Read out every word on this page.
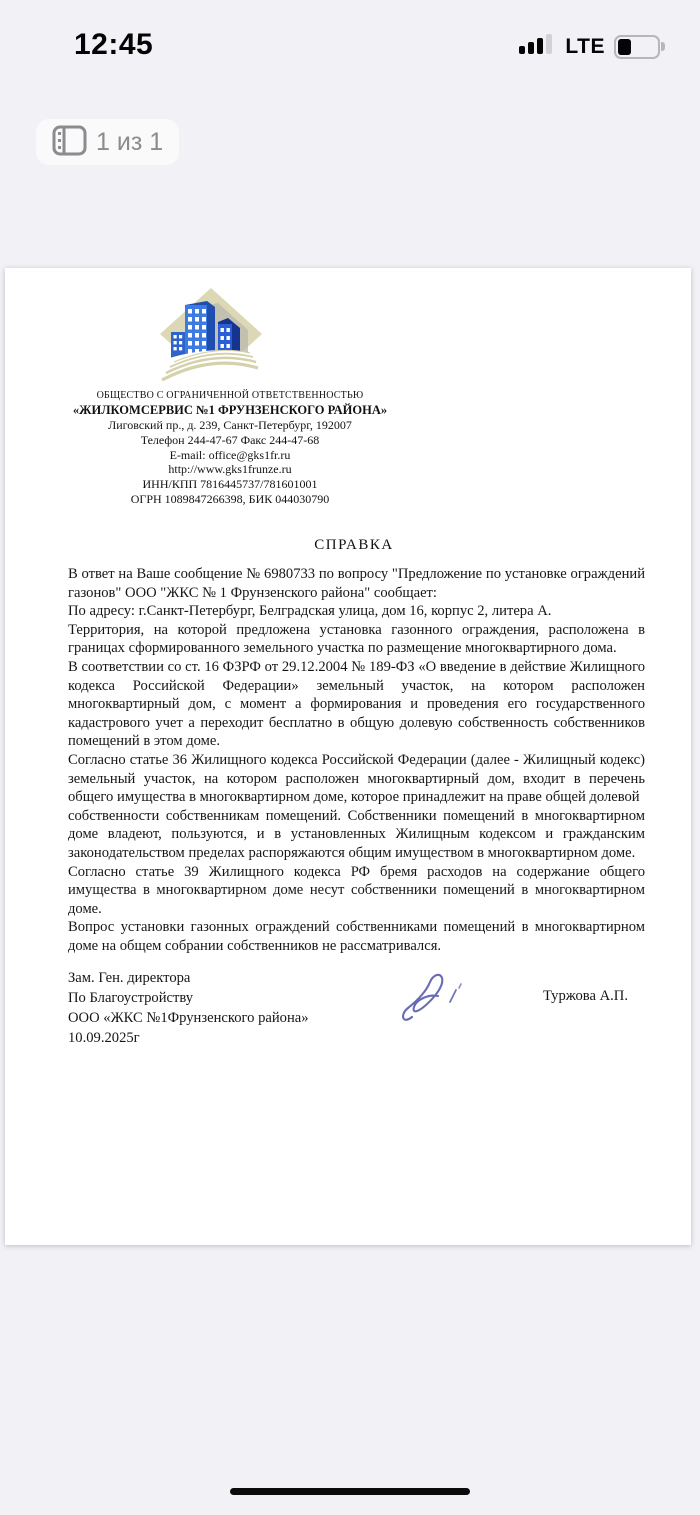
12:45	LTE
1 из 1
ОБЩЕСТВО С ОГРАНИЧЕННОЙ ОТВЕТСТВЕННОСТЬЮ
«ЖИЛКОМСЕРВИС №1 ФРУНЗЕНСКОГО РАЙОНА»
Лиговский пр., д. 239, Санкт-Петербург, 192007
Телефон 244-47-67 Факс 244-47-68
E-mail: office@gks1fr.ru
http://www.gks1frunze.ru
ИНН/КПП 7816445737/781601001
ОГРН 1089847266398, БИК 044030790
СПРАВКА

В ответ на Ваше сообщение № 6980733 по вопросу "Предложение по установке ограждений газонов" ООО "ЖКС № 1 Фрунзенского района" сообщает:

По адресу: г.Санкт-Петербург, Белградская улица, дом 16, корпус 2, литера А.

Территория, на которой предложена установка газонного ограждения, расположена в границах сформированного земельного участка по размещение многоквартирного дома.

В соответствии со ст. 16 ФЗРФ от 29.12.2004 № 189-ФЗ «О введение в действие Жилищного кодекса Российской Федерации» земельный участок, на котором расположен многоквартирный дом, с момент а формирования и проведения его государственного кадастрового учет а переходит бесплатно в общую долевую собственность собственников помещений в этом доме.

Согласно статье 36 Жилищного кодекса Российской Федерации (далее - Жилищный кодекс) земельный участок, на котором расположен многоквартирный дом, входит в перечень общего имущества в многоквартирном доме, которое принадлежит на праве общей долевой

собственности собственникам помещений. Собственники помещений в многоквартирном доме владеют, пользуются, и в установленных Жилищным кодексом и гражданским законодательством пределах распоряжаются общим имуществом в многоквартирном доме.

Согласно статье 39 Жилищного кодекса РФ бремя расходов на содержание общего имущества в многоквартирном доме несут собственники помещений в многоквартирном доме.

Вопрос установки газонных ограждений собственниками помещений в многоквартирном доме на общем собрании собственников не рассматривался.

Зам. Ген. директора
По Благоустройству
ООО «ЖКС №1Фрунзенского района»
10.09.2025г
Туржова А.П.
